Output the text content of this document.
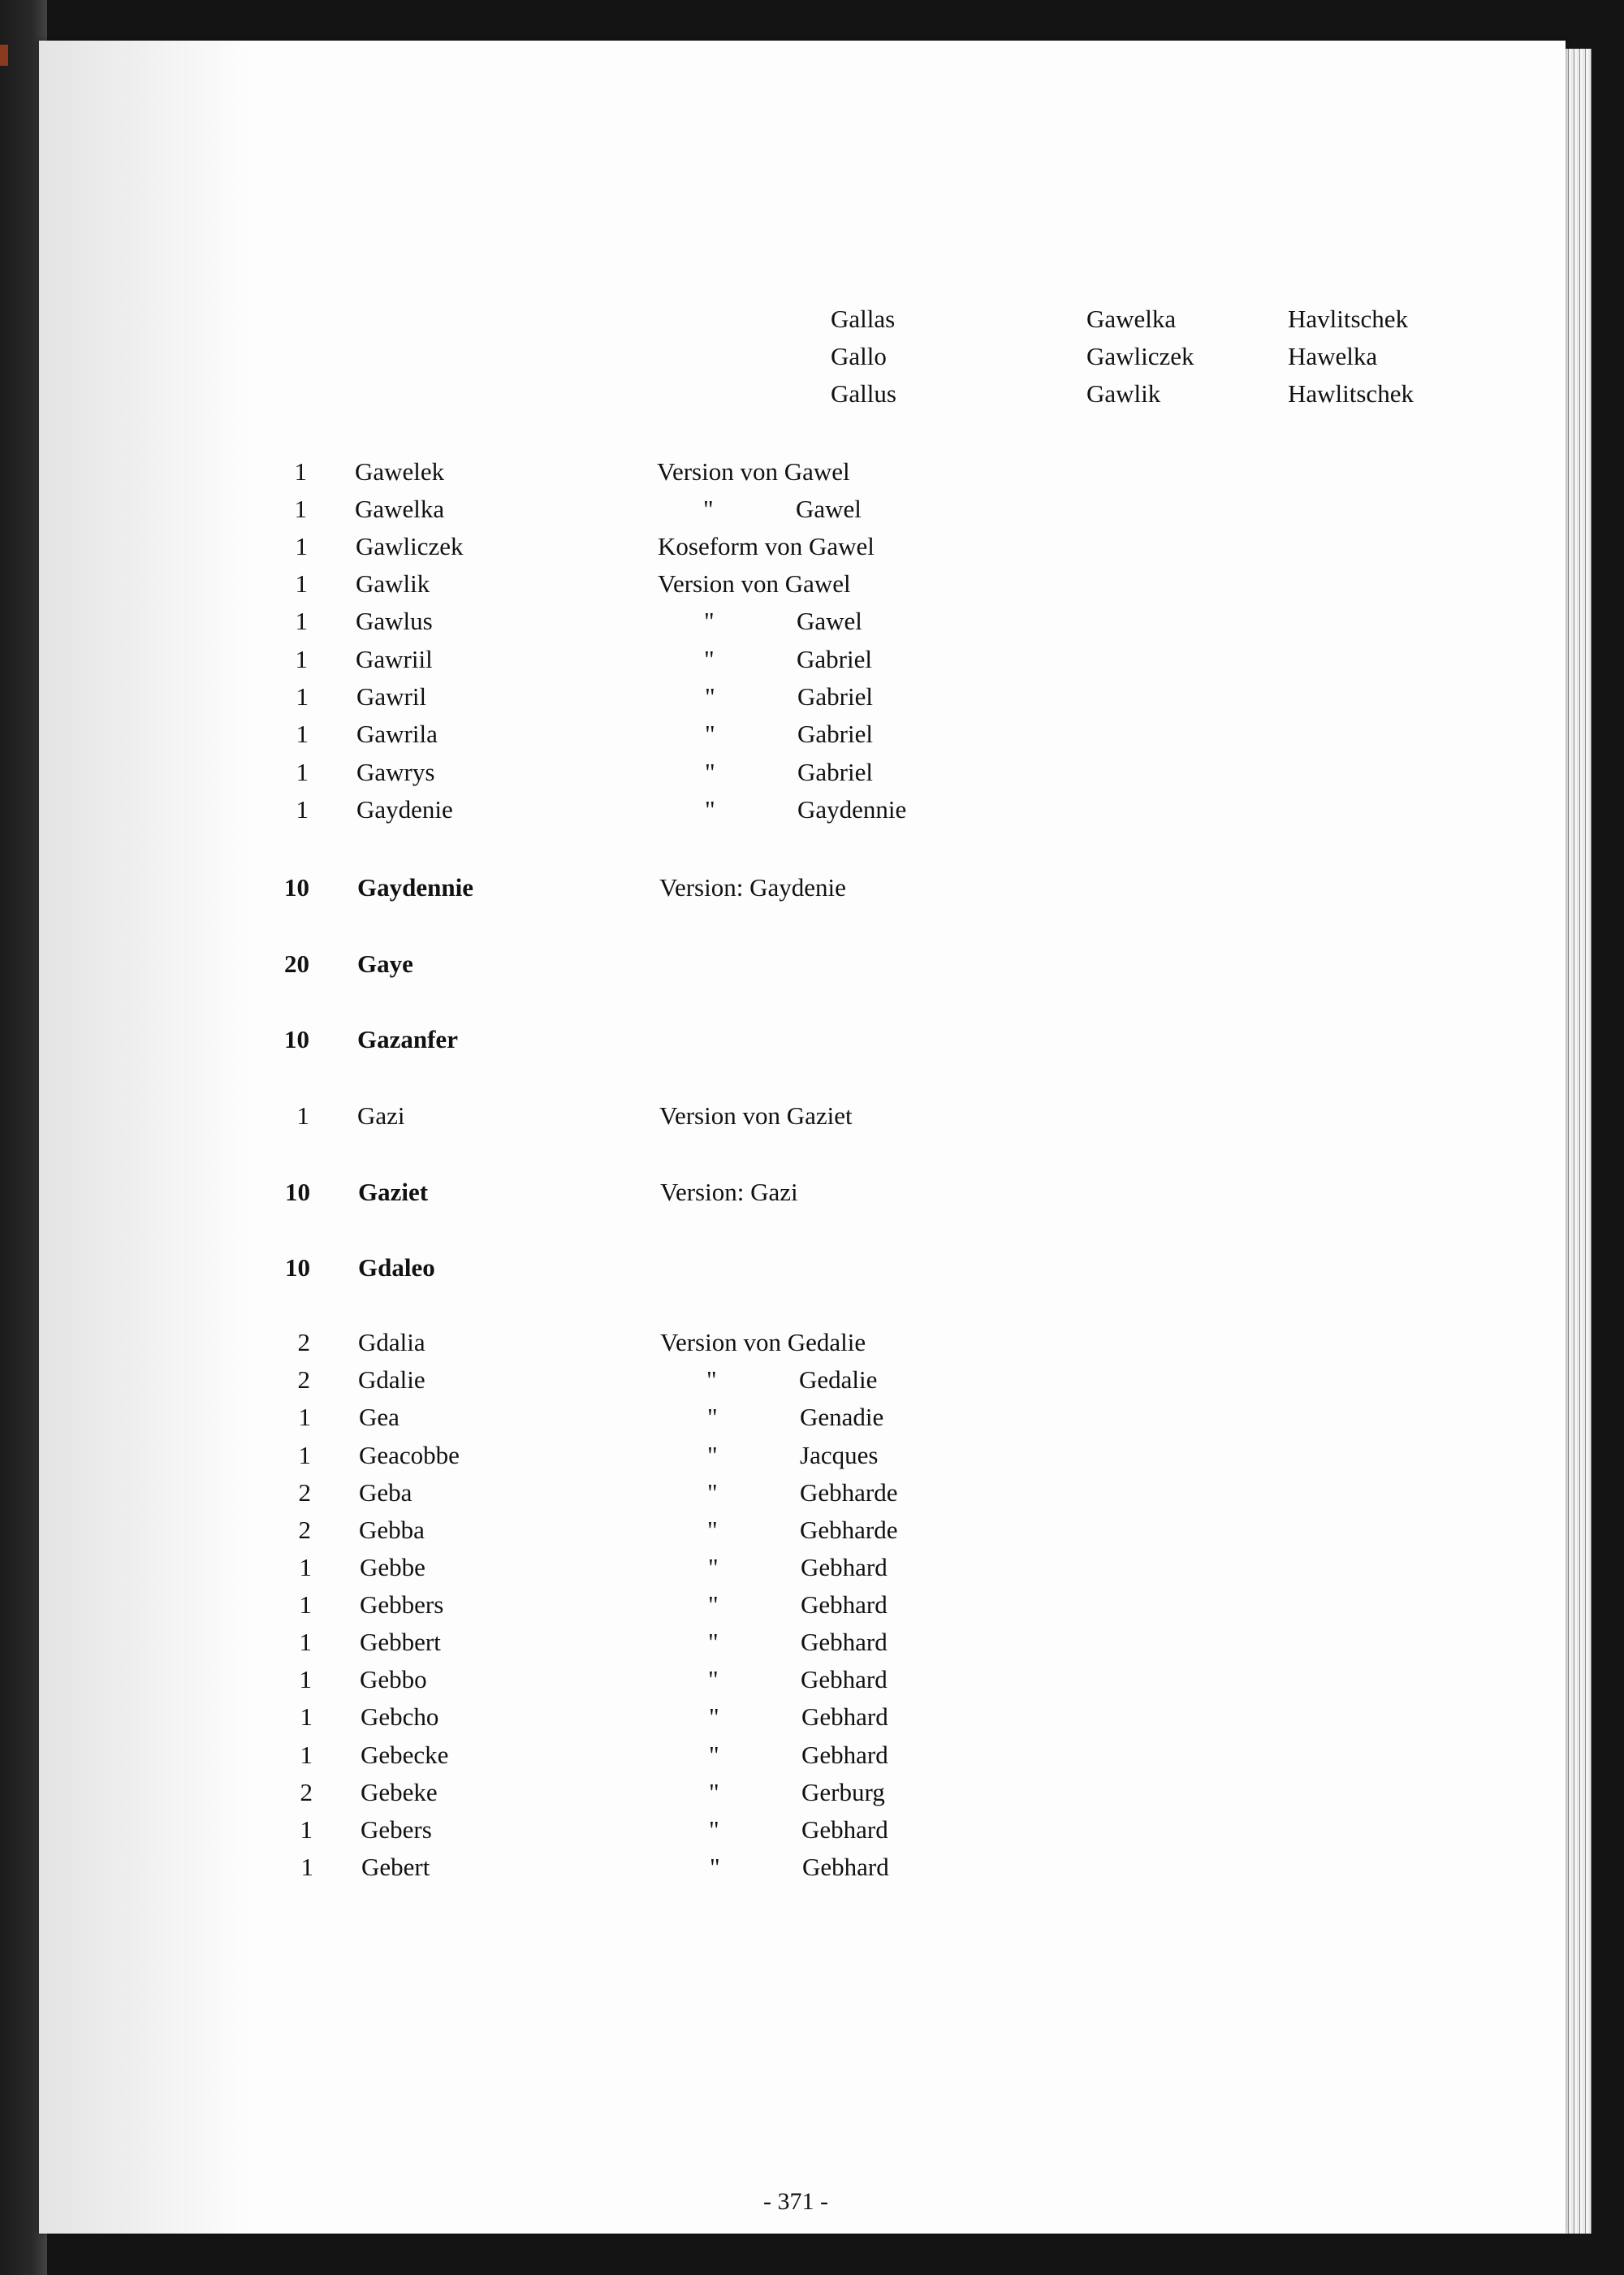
Gallas	Gawelka	Havlitschek
Gallo	Gawliczek	Hawelka
Gallus	Gawlik	Hawlitschek
1 Gawelek	Version von Gawel
1 Gawelka	"	Gawel
1 Gawliczek	Koseform von Gawel
1 Gawlik	Version von Gawel
1 Gawlus	"	Gawel
1 Gawriil	"	Gabriel
1 Gawril	"	Gabriel
1 Gawrila	"	Gabriel
1 Gawrys	"	Gabriel
1 Gaydenie	"	Gaydennie
10 Gaydennie	Version: Gaydenie
20 Gaye
10 Gazanfer
1 Gazi	Version von Gaziet
10 Gaziet	Version: Gazi
10 Gdaleo
2 Gdalia	Version von Gedalie
2 Gdalie	"	Gedalie
1 Gea	"	Genadie
1 Geacobbe	"	Jacques
2 Geba	"	Gebharde
2 Gebba	"	Gebharde
1 Gebbe	"	Gebhard
1 Gebbers	"	Gebhard
1 Gebbert	"	Gebhard
1 Gebbo	"	Gebhard
1 Gebcho	"	Gebhard
1 Gebecke	"	Gebhard
2 Gebeke	"	Gerburg
1 Gebers	"	Gebhard
1 Gebert	"	Gebhard
- 371 -
